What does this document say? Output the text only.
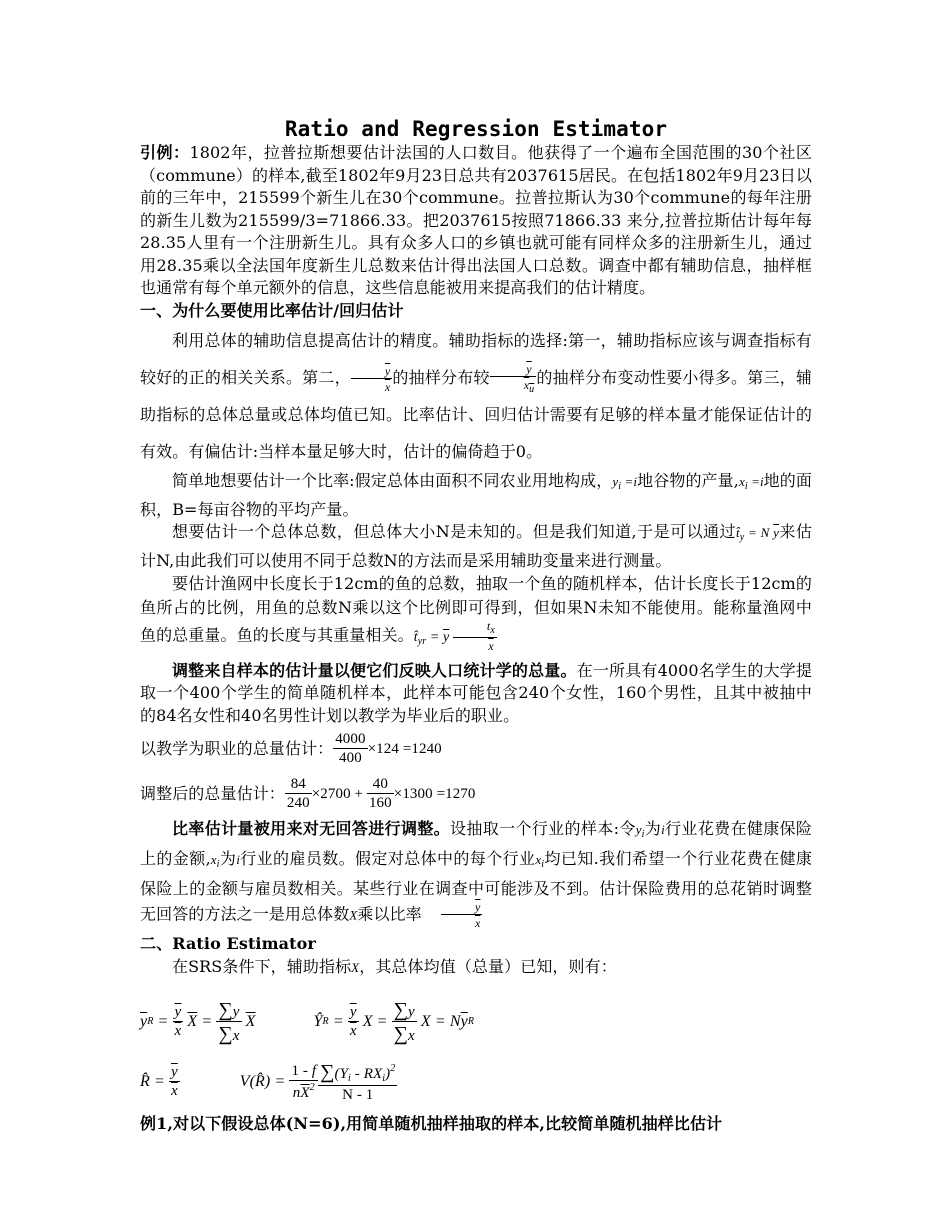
Ratio and Regression Estimator

引例：1802年，拉普拉斯想要估计法国的人口数目。他获得了一个遍布全国范围的30个社区（commune）的样本,截至1802年9月23日总共有2037615居民。在包括1802年9月23日以前的三年中，215599个新生儿在30个commune。拉普拉斯认为30个commune的每年注册的新生儿数为215599/3=71866.33。把2037615按照71866.33 来分,拉普拉斯估计每年每28.35人里有一个注册新生儿。具有众多人口的乡镇也就可能有同样众多的注册新生儿，通过用28.35乘以全法国年度新生儿总数来估计得出法国人口总数。调查中都有辅助信息，抽样框也通常有每个单元额外的信息，这些信息能被用来提高我们的估计精度。

一、为什么要使用比率估计/回归估计

利用总体的辅助信息提高估计的精度。辅助指标的选择:第一，辅助指标应该与调查指标有较好的正的相关关系。第二， $\frac{\overline{y}}{x}$ 的抽样分布较 $\frac{\overline{y}}{x_u}$ 的抽样分布变动性要小得多。第三，辅助指标的总体总量或总体均值已知。比率估计、回归估计需要有足够的样本量才能保证估计的有效。有偏估计:当样本量足够大时，估计的偏倚趋于0。

简单地想要估计一个比率:假定总体由面积不同农业用地构成，$y_i =i$地谷物的产量$,x_i =i$地的面积，B=每亩谷物的平均产量。

想要估计一个总体总数，但总体大小N是未知的。但是我们知道,于是可以通过$t̂_y = N$ $\overline{y}$来估计N,由此我们可以使用不同于总数N的方法而是采用辅助变量来进行测量。

要估计渔网中长度长于12cm的鱼的总数，抽取一个鱼的随机样本，估计长度长于12cm的鱼所占的比例，用鱼的总数N乘以这个比例即可得到，但如果N未知不能使用。能称量渔网中鱼的总重量。鱼的长度与其重量相关。$t̂_{yr} = \overline{y} \frac{t_x}{x}$

调整来自样本的估计量以便它们反映人口统计学的总量。在一所具有4000名学生的大学提取一个400个学生的简单随机样本，此样本可能包含240个女性，160个男性，且其中被抽中的84名女性和40名男性计划以教学为毕业后的职业。

以教学为职业的总量估计： $\frac{4000}{400} \times 124 =1240$

调整后的总量估计： $\frac{84}{240} \times 2700 + \frac{40}{160} \times 1300 =1270$

比率估计量被用来对无回答进行调整。设抽取一个行业的样本:令$y_i$为i行业花费在健康保险上的金额$,x_i$为i行业的雇员数。假定对总体中的每个行业$x_i$均已知.我们希望一个行业花费在健康保险上的金额与雇员数相关。某些行业在调查中可能涉及不到。估计保险费用的总花销时调整无回答的方法之一是用总体数X乘以比率 $\frac{\overline{y}}{x}$

二、Ratio Estimator

在SRS条件下，辅助指标X，其总体均值（总量）已知，则有：

$\overline{y}$ $R = \frac{\overline{y}}{x}$
$\overline{X} = \frac{\sum y}{\sum x}$
$\overline{X}$	Ŷ $R = \frac{\overline{y}}{x}$ $X = \frac{\sum y}{\sum x}$ X = N $\overline{y}$ R
R̂ = $\frac{\overline{y}}{x}$	V(R̂) = $\frac{1 - f}{n\overline{X}^2} \frac{\sum(Y_i - RX_i)^2}{N - 1}$

例1,对以下假设总体(N=6),用简单随机抽样抽取的样本,比较简单随机抽样比估计
